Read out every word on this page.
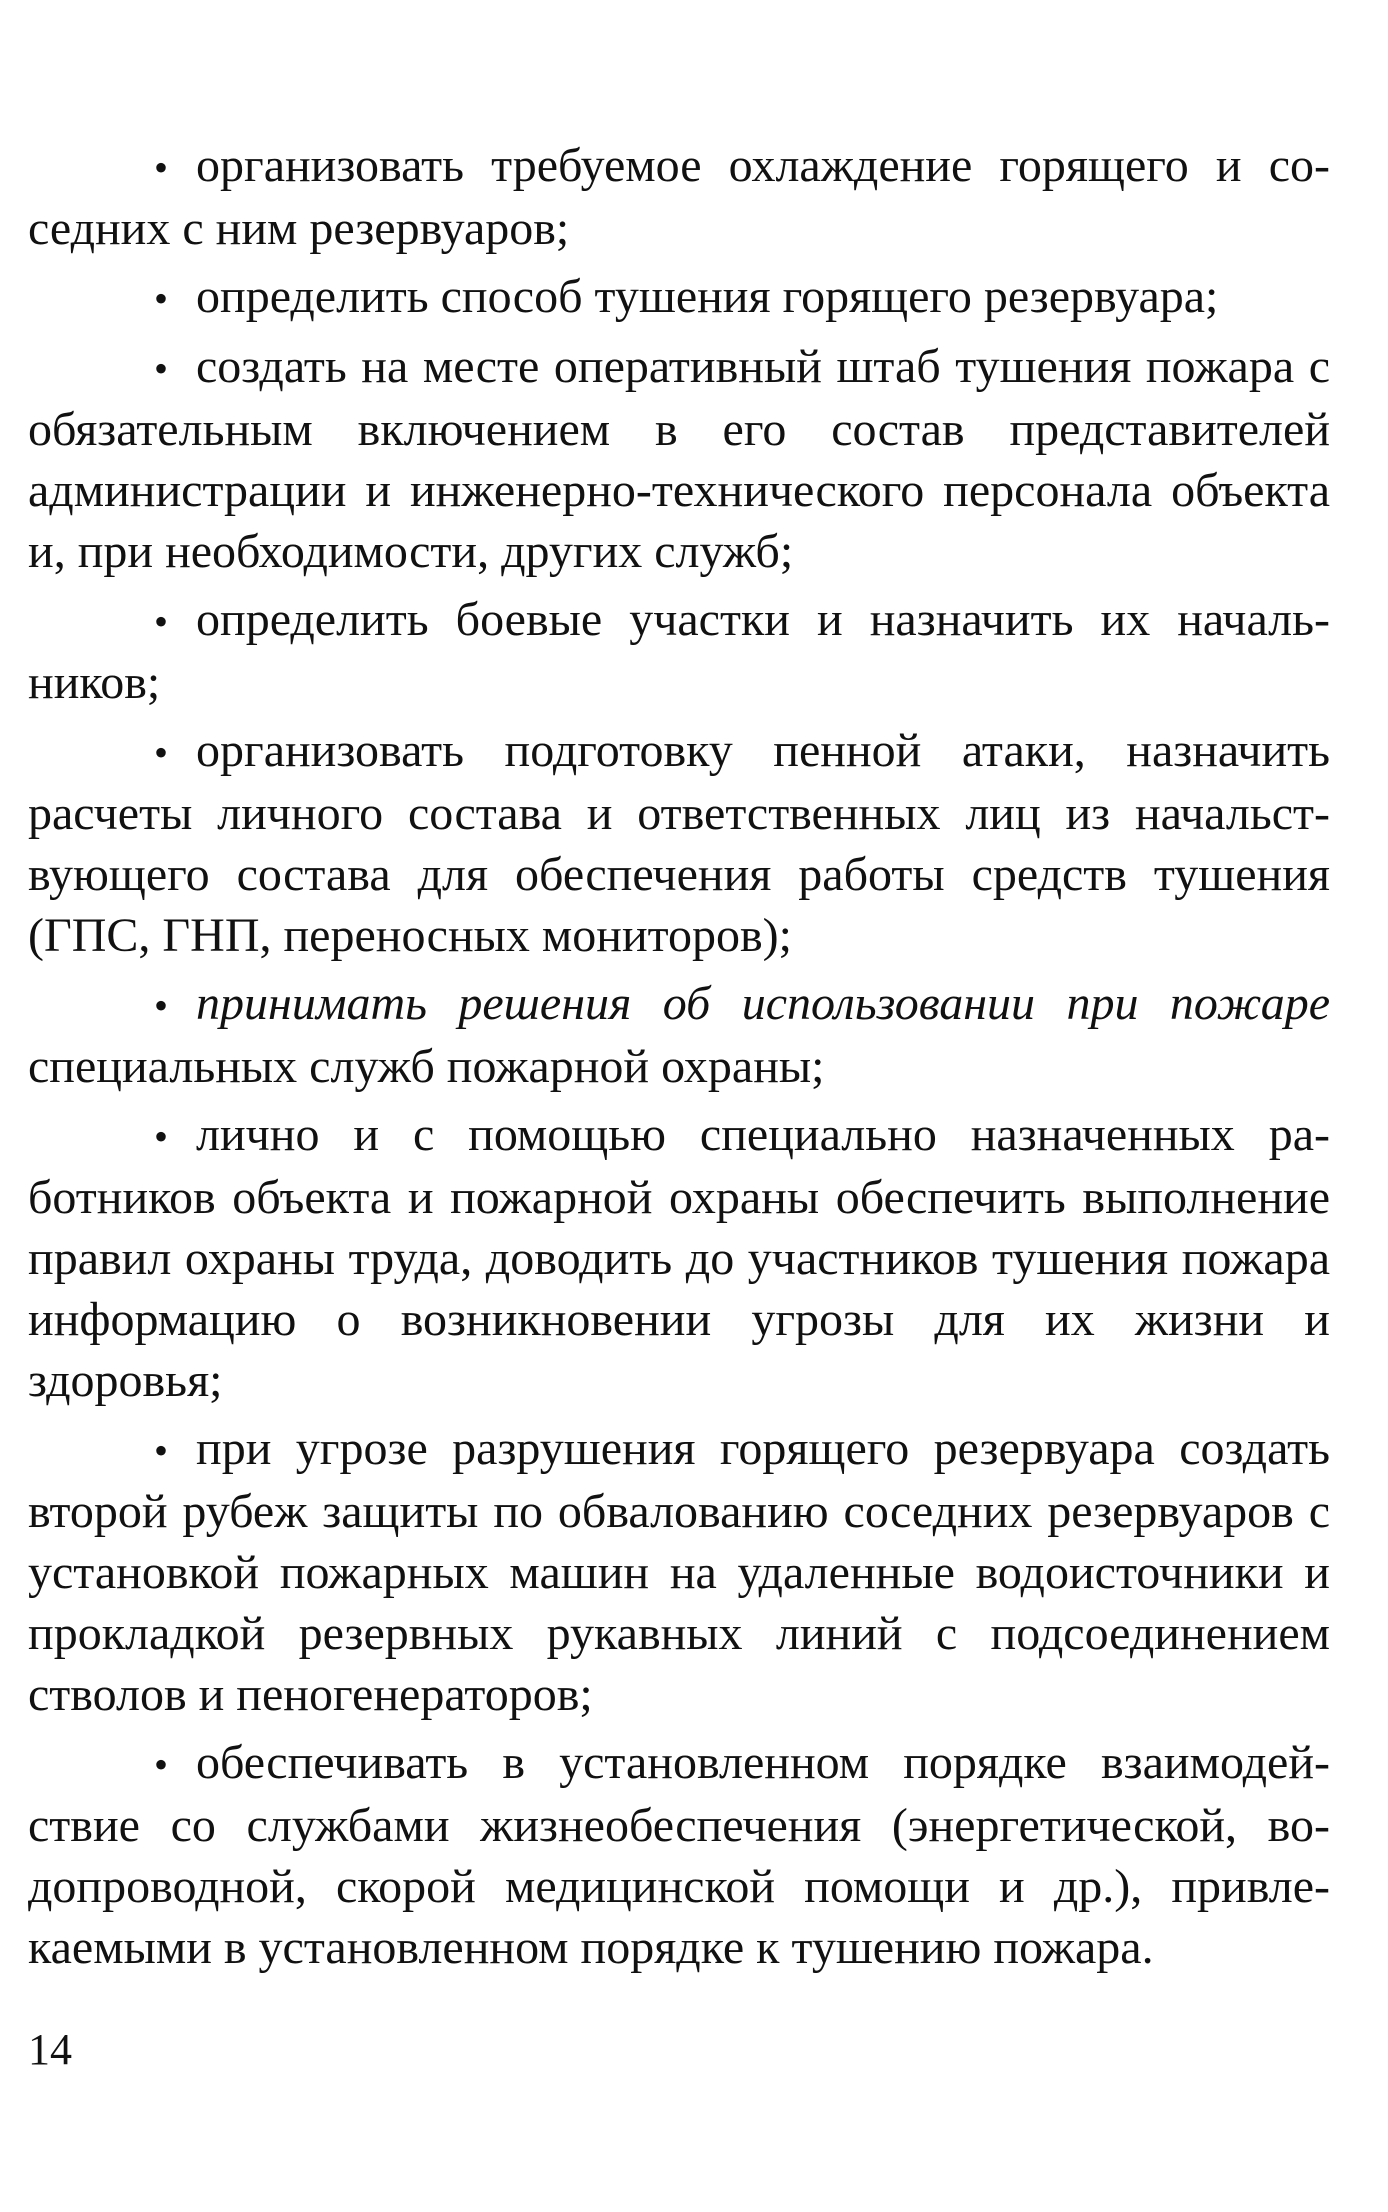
• организовать требуемое охлаждение горящего и соседних с ним резервуаров;

• определить способ тушения горящего резервуара;

• создать на месте оперативный штаб тушения пожара с обязательным включением в его состав представителей администрации и инженерно-технического персонала объекта и, при необходимости, других служб;

• определить боевые участки и назначить их начальников;

• организовать подготовку пенной атаки, назначить расчеты личного состава и ответственных лиц из начальствующего состава для обеспечения работы средств тушения (ГПС, ГНП, переносных мониторов);

• принимать решения об использовании при пожаре специальных служб пожарной охраны;

• лично и с помощью специально назначенных работников объекта и пожарной охраны обеспечить выполнение правил охраны труда, доводить до участников тушения пожара информацию о возникновении угрозы для их жизни и здоровья;

• при угрозе разрушения горящего резервуара создать второй рубеж защиты по обвалованию соседних резервуаров с установкой пожарных машин на удаленные водоисточники и прокладкой резервных рукавных линий с подсоединением стволов и пеногенераторов;

• обеспечивать в установленном порядке взаимодействие со службами жизнеобеспечения (энергетической, водопроводной, скорой медицинской помощи и др.), привлекаемыми в установленном порядке к тушению пожара.

14
